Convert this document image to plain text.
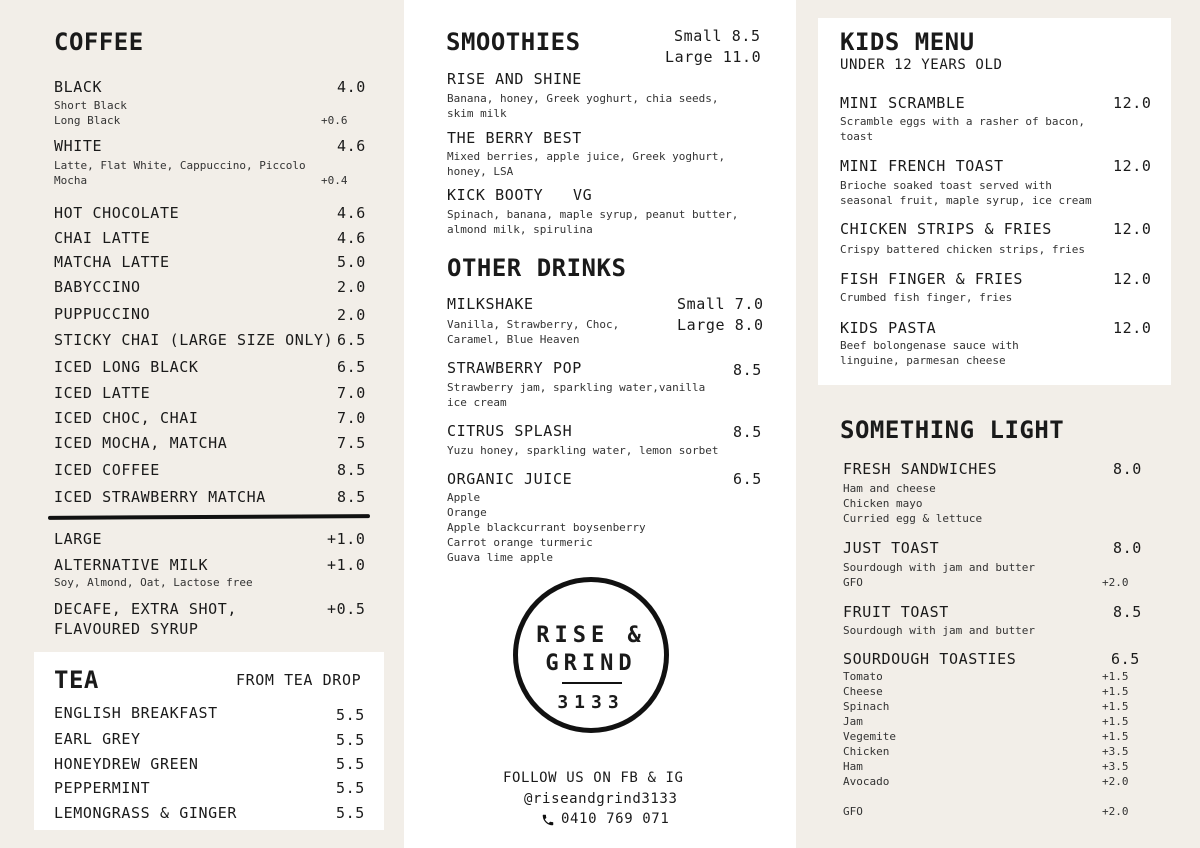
COFFEE
BLACK	4.0
Short Black
Long Black	+0.6
WHITE	4.6
Latte, Flat White, Cappuccino, Piccolo
Mocha	+0.4
HOT CHOCOLATE	4.6
CHAI LATTE	4.6
MATCHA LATTE	5.0
BABYCCINO	2.0
PUPPUCCINO	2.0
STICKY CHAI (LARGE SIZE ONLY) 6.5
ICED LONG BLACK	6.5
ICED LATTE	7.0
ICED CHOC, CHAI	7.0
ICED MOCHA, MATCHA	7.5
ICED COFFEE	8.5
ICED STRAWBERRY MATCHA	8.5
LARGE	+1.0
ALTERNATIVE MILK	+1.0
Soy, Almond, Oat, Lactose free
DECAFE, EXTRA SHOT,	+0.5
FLAVOURED SYRUP
TEA	FROM TEA DROP
ENGLISH BREAKFAST	5.5
EARL GREY	5.5
HONEYDREW GREEN	5.5
PEPPERMINT	5.5
LEMONGRASS & GINGER	5.5
SMOOTHIES	Small 8.5
Large 11.0
RISE AND SHINE
Banana, honey, Greek yoghurt, chia seeds,
skim milk
THE BERRY BEST
Mixed berries, apple juice, Greek yoghurt,
honey, LSA
KICK BOOTY VG
Spinach, banana, maple syrup, peanut butter,
almond milk, spirulina
OTHER DRINKS
MILKSHAKE	Small 7.0
Large 8.0
Vanilla, Strawberry, Choc,
Caramel, Blue Heaven
STRAWBERRY POP	8.5
Strawberry jam, sparkling water,vanilla
ice cream
CITRUS SPLASH	8.5
Yuzu honey, sparkling water, lemon sorbet
ORGANIC JUICE	6.5
Apple
Orange
Apple blackcurrant boysenberry
Carrot orange turmeric
Guava lime apple
RISE &
GRIND
3133
FOLLOW US ON FB & IG
@riseandgrind3133
0410 769 071
KIDS MENU
UNDER 12 YEARS OLD
MINI SCRAMBLE	12.0
Scramble eggs with a rasher of bacon,
toast
MINI FRENCH TOAST	12.0
Brioche soaked toast served with
seasonal fruit, maple syrup, ice cream
CHICKEN STRIPS & FRIES	12.0
Crispy battered chicken strips, fries
FISH FINGER & FRIES	12.0
Crumbed fish finger, fries
KIDS PASTA	12.0
Beef bolongenase sauce with
linguine, parmesan cheese
SOMETHING LIGHT
FRESH SANDWICHES	8.0
Ham and cheese
Chicken mayo
Curried egg & lettuce
JUST TOAST	8.0
Sourdough with jam and butter
GFO	+2.0
FRUIT TOAST	8.5
Sourdough with jam and butter
SOURDOUGH TOASTIES	6.5
Tomato	+1.5
Cheese	+1.5
Spinach	+1.5
Jam	+1.5
Vegemite	+1.5
Chicken	+3.5
Ham	+3.5
Avocado	+2.0
GFO	+2.0
